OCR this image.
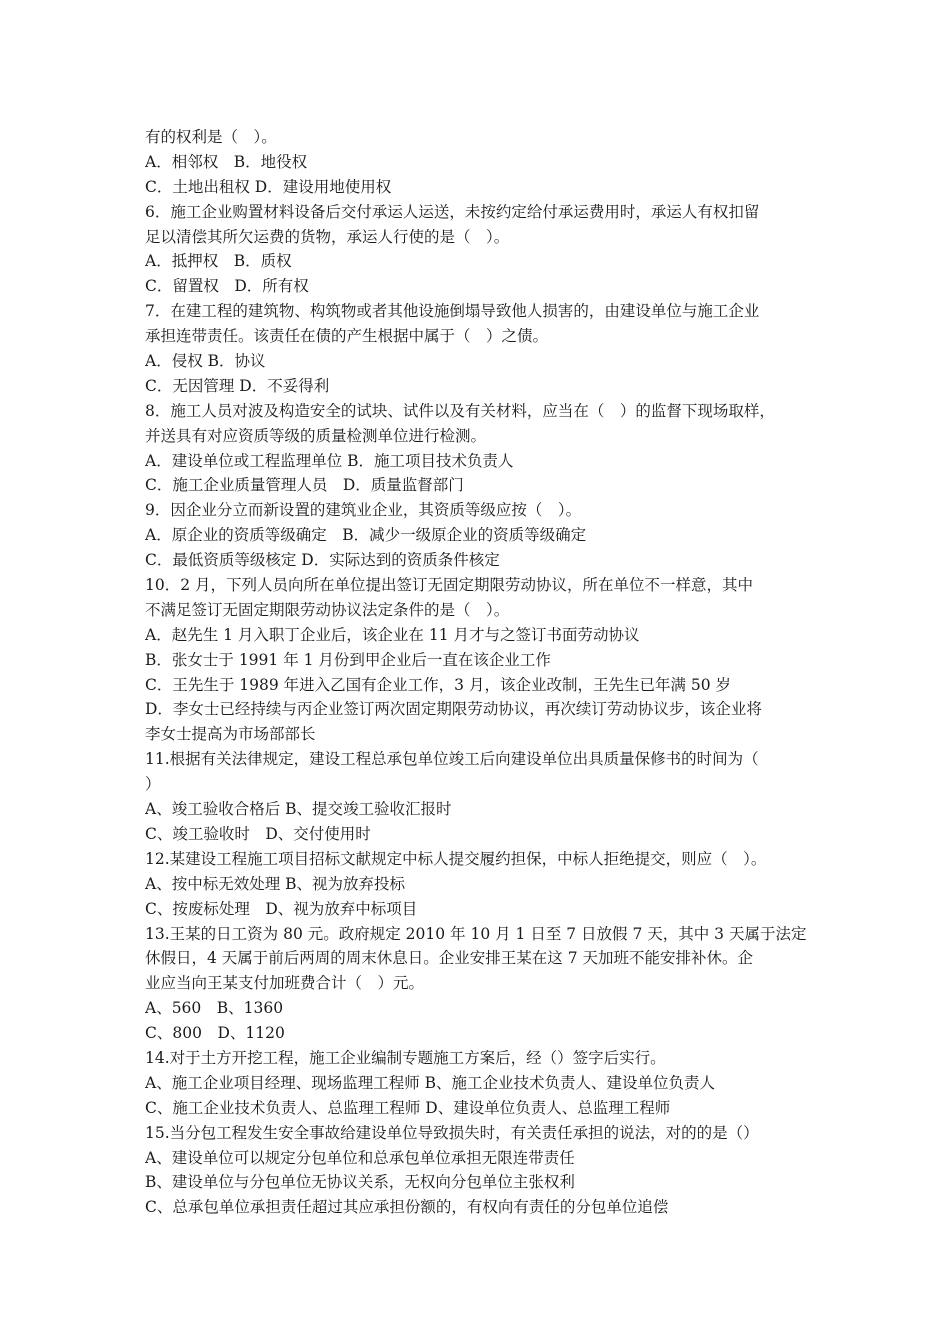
有的权利是（　）。
A．相邻权　B．地役权
C．土地出租权 D．建设用地使用权
6．施工企业购置材料设备后交付承运人运送，未按约定给付承运费用时，承运人有权扣留
足以清偿其所欠运费的货物，承运人行使的是（　）。
A．抵押权　B．质权
C．留置权　D．所有权
7．在建工程的建筑物、构筑物或者其他设施倒塌导致他人损害的，由建设单位与施工企业
承担连带责任。该责任在债的产生根据中属于（　）之债。
A．侵权 B．协议
C．无因管理 D．不妥得利
8．施工人员对波及构造安全的试块、试件以及有关材料，应当在（　）的监督下现场取样，
并送具有对应资质等级的质量检测单位进行检测。
A．建设单位或工程监理单位 B．施工项目技术负责人
C．施工企业质量管理人员　D．质量监督部门
9．因企业分立而新设置的建筑业企业，其资质等级应按（　）。
A．原企业的资质等级确定　B．减少一级原企业的资质等级确定
C．最低资质等级核定 D．实际达到的资质条件核定
10．2 月，下列人员向所在单位提出签订无固定期限劳动协议，所在单位不一样意，其中
不满足签订无固定期限劳动协议法定条件的是（　）。
A．赵先生 1 月入职丁企业后，该企业在 11 月才与之签订书面劳动协议
B．张女士于 1991 年 1 月份到甲企业后一直在该企业工作
C．王先生于 1989 年进入乙国有企业工作，3 月，该企业改制，王先生已年满 50 岁
D．李女士已经持续与丙企业签订两次固定期限劳动协议，再次续订劳动协议步，该企业将
李女士提高为市场部部长
11.根据有关法律规定，建设工程总承包单位竣工后向建设单位出具质量保修书的时间为（
）
A、竣工验收合格后 B、提交竣工验收汇报时
C、竣工验收时　D、交付使用时
12.某建设工程施工项目招标文献规定中标人提交履约担保，中标人拒绝提交，则应（　）。
A、按中标无效处理 B、视为放弃投标
C、按废标处理　D、视为放弃中标项目
13.王某的日工资为 80 元。政府规定 2010 年 10 月 1 日至 7 日放假 7 天，其中 3 天属于法定
休假日，4 天属于前后两周的周末休息日。企业安排王某在这 7 天加班不能安排补休。企
业应当向王某支付加班费合计（　）元。
A、560　B、1360
C、800　D、1120
14.对于土方开挖工程，施工企业编制专题施工方案后，经（）签字后实行。
A、施工企业项目经理、现场监理工程师 B、施工企业技术负责人、建设单位负责人
C、施工企业技术负责人、总监理工程师 D、建设单位负责人、总监理工程师
15.当分包工程发生安全事故给建设单位导致损失时，有关责任承担的说法，对的的是（）
A、建设单位可以规定分包单位和总承包单位承担无限连带责任
B、建设单位与分包单位无协议关系，无权向分包单位主张权利
C、总承包单位承担责任超过其应承担份额的，有权向有责任的分包单位追偿
